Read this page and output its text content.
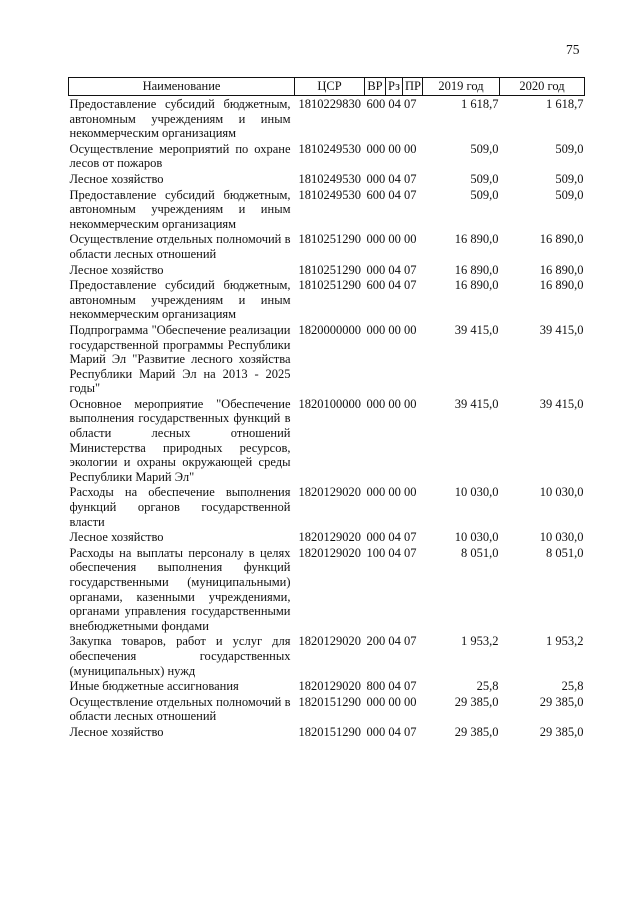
75
Наименование	ЦСР	ВР	Рз	ПР	2019 год	2020 год
Предоставление субсидий бюджетным, автономным учреждениям и иным некоммерческим организациям	1810229830	600 04 07			1 618,7	1 618,7
Осуществление мероприятий по охране лесов от пожаров	1810249530	000 00 00			509,0	509,0
Лесное хозяйство	1810249530	000 04 07			509,0	509,0
Предоставление субсидий бюджетным, автономным учреждениям и иным некоммерческим организациям	1810249530	600 04 07			509,0	509,0
Осуществление отдельных полномочий в области лесных отношений	1810251290	000 00 00			16 890,0	16 890,0
Лесное хозяйство	1810251290	000 04 07			16 890,0	16 890,0
Предоставление субсидий бюджетным, автономным учреждениям и иным некоммерческим организациям	1810251290	600 04 07			16 890,0	16 890,0
Подпрограмма "Обеспечение реализации государственной программы Республики Марий Эл "Развитие лесного хозяйства Республики Марий Эл на 2013 - 2025 годы"	1820000000	000 00 00			39 415,0	39 415,0
Основное мероприятие "Обеспечение выполнения государственных функций в области лесных отношений Министерства природных ресурсов, экологии и охраны окружающей среды Республики Марий Эл"	1820100000	000 00 00			39 415,0	39 415,0
Расходы на обеспечение выполнения функций органов государственной власти	1820129020	000 00 00			10 030,0	10 030,0
Лесное хозяйство	1820129020	000 04 07			10 030,0	10 030,0
Расходы на выплаты персоналу в целях обеспечения выполнения функций государственными (муниципальными) органами, казенными учреждениями, органами управления государственными внебюджетными фондами	1820129020	100 04 07			8 051,0	8 051,0
Закупка товаров, работ и услуг для обеспечения государственных (муниципальных) нужд	1820129020	200 04 07			1 953,2	1 953,2
Иные бюджетные ассигнования	1820129020	800 04 07			25,8	25,8
Осуществление отдельных полномочий в области лесных отношений	1820151290	000 00 00			29 385,0	29 385,0
Лесное хозяйство	1820151290	000 04 07			29 385,0	29 385,0
